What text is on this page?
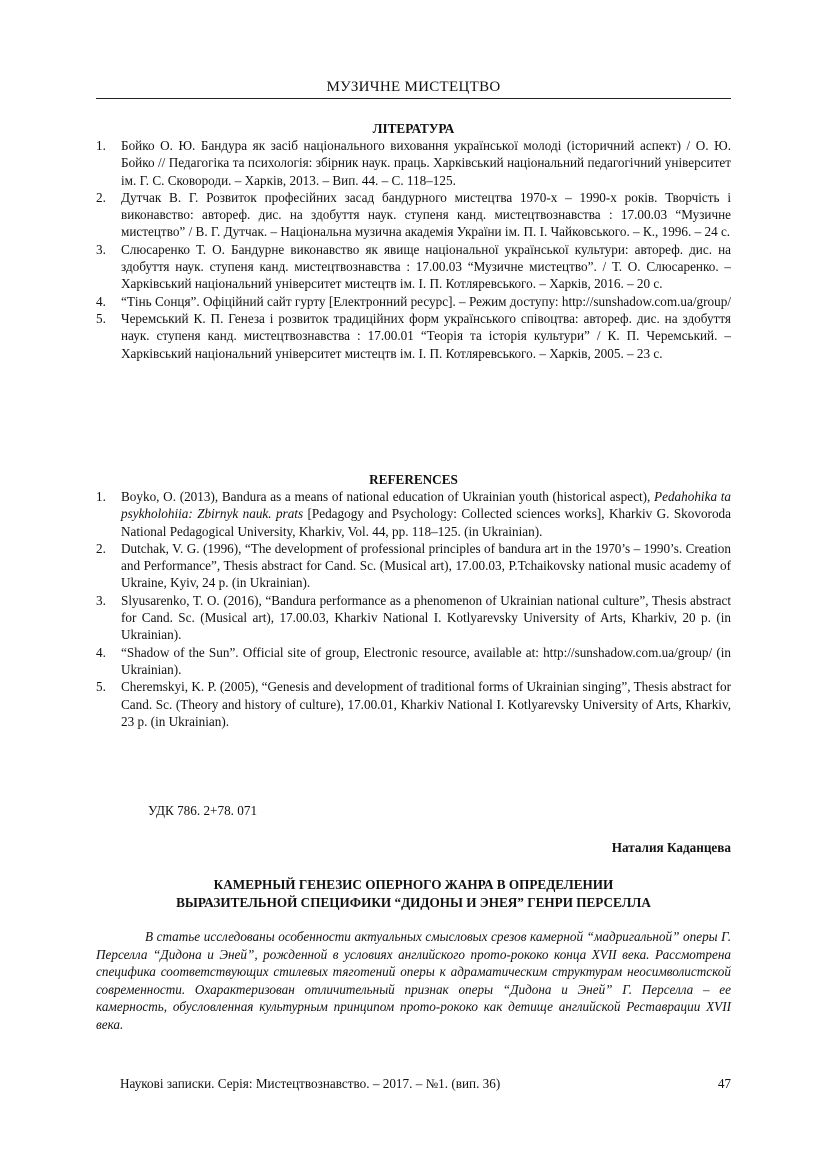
МУЗИЧНЕ МИСТЕЦТВО
ЛІТЕРАТУРА
1. Бойко О. Ю. Бандура як засіб національного виховання української молоді (історичний аспект) / О. Ю. Бойко // Педагогіка та психологія: збірник наук. праць. Харківський національний педагогічний університет ім. Г. С. Сковороди. – Харків, 2013. – Вип. 44. – С. 118–125.
2. Дутчак В. Г. Розвиток професійних засад бандурного мистецтва 1970-х – 1990-х років. Творчість і виконавство: автореф. дис. на здобуття наук. ступеня канд. мистецтвознавства : 17.00.03 “Музичне мистецтво” / В. Г. Дутчак. – Національна музична академія України ім. П. І. Чайковського. – К., 1996. – 24 с.
3. Слюсаренко Т. О. Бандурне виконавство як явище національної української культури: автореф. дис. на здобуття наук. ступеня канд. мистецтвознавства : 17.00.03 “Музичне мистецтво”. / Т. О. Слюсаренко. – Харківський національний університет мистецтв ім. І. П. Котляревського. – Харків, 2016. – 20 с.
4. “Тінь Сонця”. Офіційний сайт гурту [Електронний ресурс]. – Режим доступу: http://sunshadow.com.ua/group/
5. Черемський К. П. Генеза і розвиток традиційних форм українського співоцтва: автореф. дис. на здобуття наук. ступеня канд. мистецтвознавства : 17.00.01 “Теорія та історія культури” / К. П. Черемський. – Харківський національний університет мистецтв ім. І. П. Котляревського. – Харків, 2005. – 23 с.
REFERENCES
1. Boyko, O. (2013), Bandura as a means of national education of Ukrainian youth (historical aspect), Pedahohika ta psykholohiia: Zbirnyk nauk. prats [Pedagogy and Psychology: Collected sciences works], Kharkiv G. Skovoroda National Pedagogical University, Kharkiv, Vol. 44, pp. 118–125. (in Ukrainian).
2. Dutchak, V. G. (1996), “The development of professional principles of bandura art in the 1970’s – 1990’s. Creation and Performance”, Thesis abstract for Cand. Sc. (Musical art), 17.00.03, P.Tchaikovsky national music academy of Ukraine, Kyiv, 24 p. (in Ukrainian).
3. Slyusarenko, T. O. (2016), “Bandura performance as a phenomenon of Ukrainian national culture”, Thesis abstract for Cand. Sc. (Musical art), 17.00.03, Kharkiv National I. Kotlyarevsky University of Arts, Kharkiv, 20 p. (in Ukrainian).
4. “Shadow of the Sun”. Official site of group, Electronic resource, available at: http://sunshadow.com.ua/group/ (in Ukrainian).
5. Cheremskyi, K. P. (2005), “Genesis and development of traditional forms of Ukrainian singing”, Thesis abstract for Cand. Sc. (Theory and history of culture), 17.00.01, Kharkiv National I. Kotlyarevsky University of Arts, Kharkiv, 23 p. (in Ukrainian).
УДК 786. 2+78. 071
Наталия Каданцева
КАМЕРНЫЙ ГЕНЕЗИС ОПЕРНОГО ЖАНРА В ОПРЕДЕЛЕНИИ
ВЫРАЗИТЕЛЬНОЙ СПЕЦИФИКИ “ДИДОНЫ И ЭНЕЯ” ГЕНРИ ПЕРСЕЛЛА

В статье исследованы особенности актуальных смысловых срезов камерной “мадригальной” оперы Г. Перселла “Дидона и Эней”, рожденной в условиях английского прото-рококо конца XVII века. Рассмотрена специфика соответствующих стилевых тяготений оперы к адраматическим структурам неосимволистской современности. Охарактеризован отличительный признак оперы “Дидона и Эней” Г. Перселла – ее камерность, обусловленная культурным принципом прото-рококо как детище английской Реставрации XVII века.

Наукові записки. Серія: Мистецтвознавство. – 2017. – №1. (вип. 36)	47
